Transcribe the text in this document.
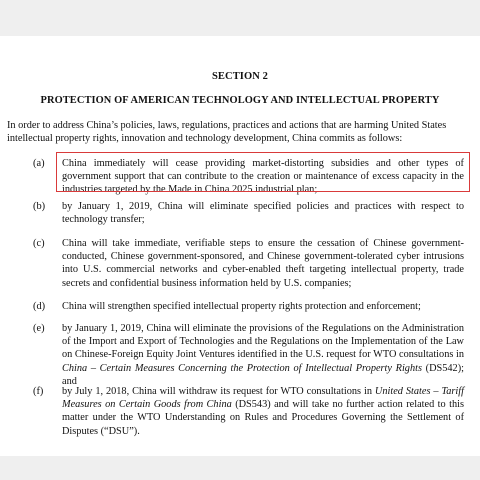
SECTION 2
PROTECTION OF AMERICAN TECHNOLOGY AND INTELLECTUAL PROPERTY
In order to address China’s policies, laws, regulations, practices and actions that are harming United States intellectual property rights, innovation and technology development, China commits as follows:
(a) China immediately will cease providing market-distorting subsidies and other types of government support that can contribute to the creation or maintenance of excess capacity in the industries targeted by the Made in China 2025 industrial plan;
(b) by January 1, 2019, China will eliminate specified policies and practices with respect to technology transfer;
(c) China will take immediate, verifiable steps to ensure the cessation of Chinese government-conducted, Chinese government-sponsored, and Chinese government-tolerated cyber intrusions into U.S. commercial networks and cyber-enabled theft targeting intellectual property, trade secrets and confidential business information held by U.S. companies;
(d) China will strengthen specified intellectual property rights protection and enforcement;
(e) by January 1, 2019, China will eliminate the provisions of the Regulations on the Administration of the Import and Export of Technologies and the Regulations on the Implementation of the Law on Chinese-Foreign Equity Joint Ventures identified in the U.S. request for WTO consultations in China – Certain Measures Concerning the Protection of Intellectual Property Rights (DS542); and
(f) by July 1, 2018, China will withdraw its request for WTO consultations in United States – Tariff Measures on Certain Goods from China (DS543) and will take no further action related to this matter under the WTO Understanding on Rules and Procedures Governing the Settlement of Disputes (“DSU”).
